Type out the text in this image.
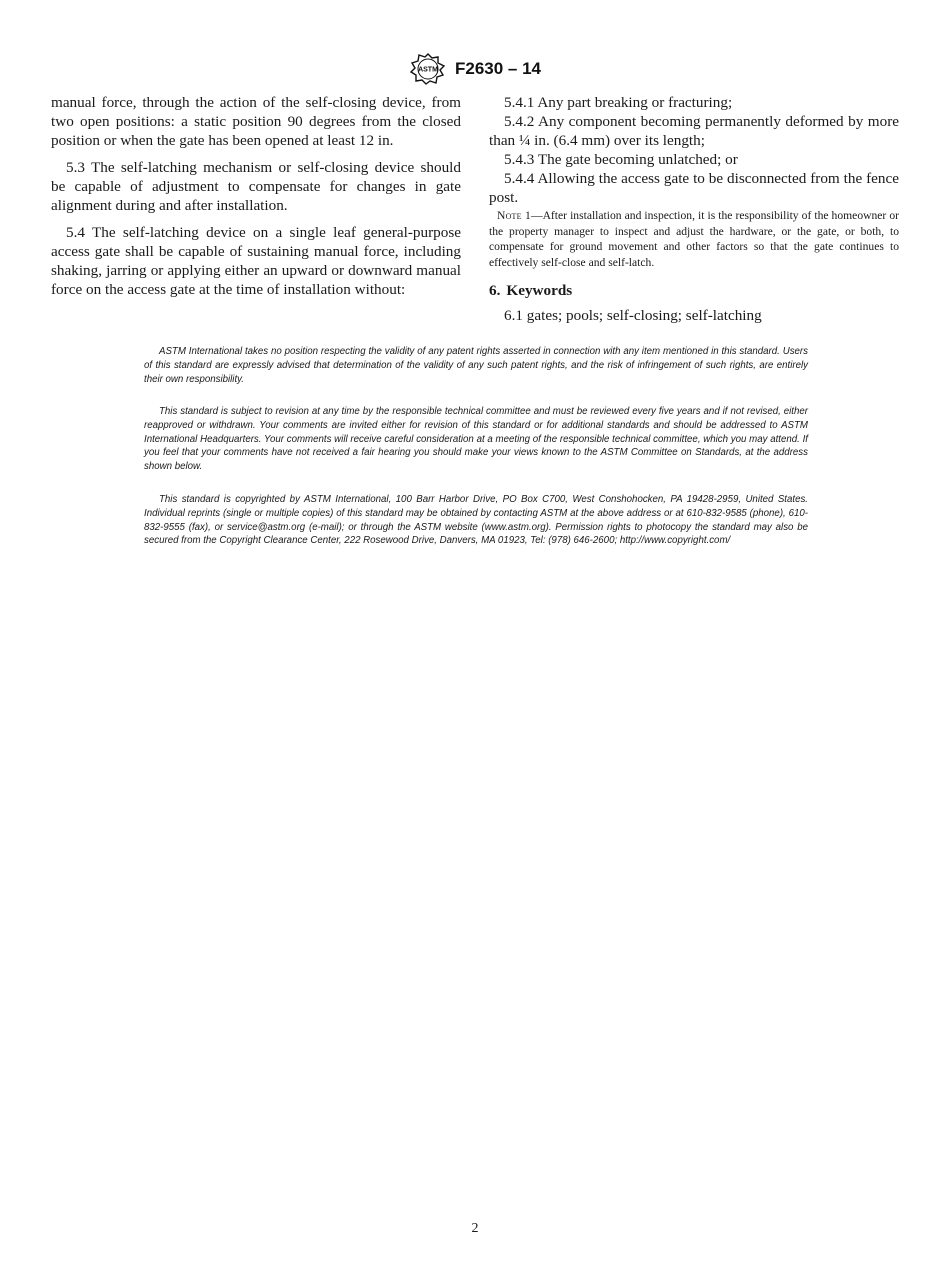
ASTM F2630 – 14

manual force, through the action of the self-closing device, from two open positions: a static position 90 degrees from the closed position or when the gate has been opened at least 12 in.

5.3 The self-latching mechanism or self-closing device should be capable of adjustment to compensate for changes in gate alignment during and after installation.

5.4 The self-latching device on a single leaf general-purpose access gate shall be capable of sustaining manual force, including shaking, jarring or applying either an upward or downward manual force on the access gate at the time of installation without:

5.4.1 Any part breaking or fracturing;

5.4.2 Any component becoming permanently deformed by more than ¼ in. (6.4 mm) over its length;

5.4.3 The gate becoming unlatched; or

5.4.4 Allowing the access gate to be disconnected from the fence post.

Note 1—After installation and inspection, it is the responsibility of the homeowner or the property manager to inspect and adjust the hardware, or the gate, or both, to compensate for ground movement and other factors so that the gate continues to effectively self-close and self-latch.

6. Keywords

6.1 gates; pools; self-closing; self-latching

ASTM International takes no position respecting the validity of any patent rights asserted in connection with any item mentioned in this standard. Users of this standard are expressly advised that determination of the validity of any such patent rights, and the risk of infringement of such rights, are entirely their own responsibility.

This standard is subject to revision at any time by the responsible technical committee and must be reviewed every five years and if not revised, either reapproved or withdrawn. Your comments are invited either for revision of this standard or for additional standards and should be addressed to ASTM International Headquarters. Your comments will receive careful consideration at a meeting of the responsible technical committee, which you may attend. If you feel that your comments have not received a fair hearing you should make your views known to the ASTM Committee on Standards, at the address shown below.

This standard is copyrighted by ASTM International, 100 Barr Harbor Drive, PO Box C700, West Conshohocken, PA 19428-2959, United States. Individual reprints (single or multiple copies) of this standard may be obtained by contacting ASTM at the above address or at 610-832-9585 (phone), 610-832-9555 (fax), or service@astm.org (e-mail); or through the ASTM website (www.astm.org). Permission rights to photocopy the standard may also be secured from the Copyright Clearance Center, 222 Rosewood Drive, Danvers, MA 01923, Tel: (978) 646-2600; http://www.copyright.com/

2
